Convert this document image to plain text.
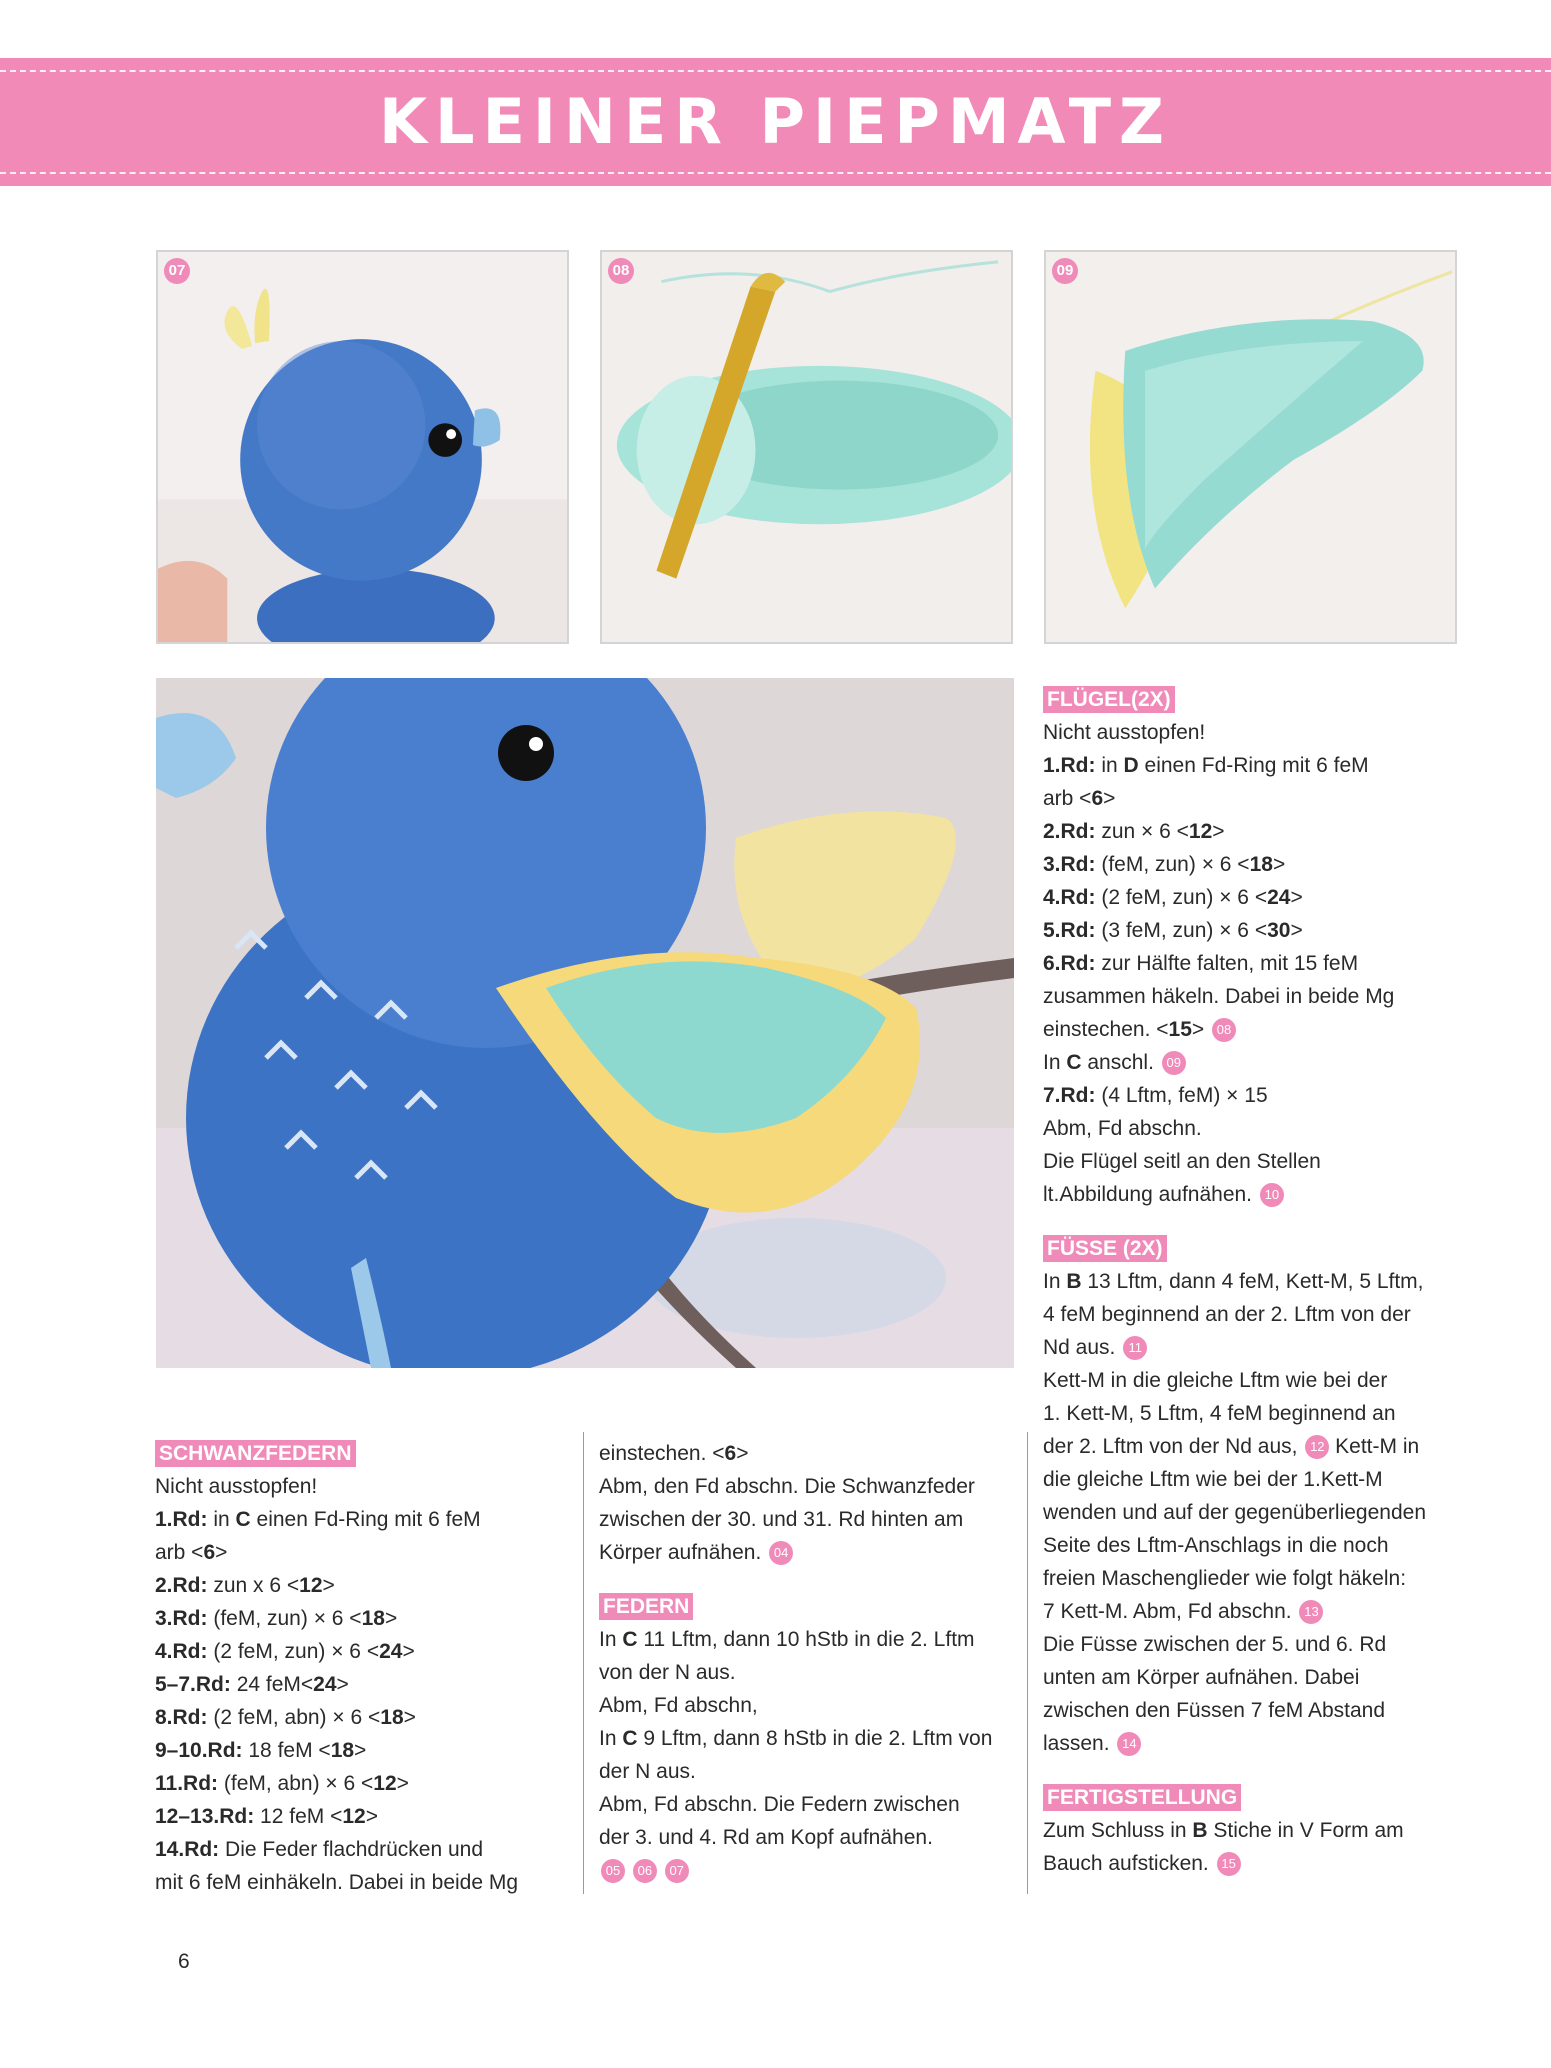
KLEINER PIEPMATZ
07	08	09
FLÜGEL(2X)

Nicht ausstopfen!

1.Rd: in D einen Fd-Ring mit 6 feM

arb <6>

2.Rd: zun × 6 <12>

3.Rd: (feM, zun) × 6 <18>

4.Rd: (2 feM, zun) × 6 <24>

5.Rd: (3 feM, zun) × 6 <30>

6.Rd: zur Hälfte falten, mit 15 feM

zusammen häkeln. Dabei in beide Mg

einstechen. <15> 08

In C anschl. 09

7.Rd: (4 Lftm, feM) × 15

Abm, Fd abschn.

Die Flügel seitl an den Stellen

lt.Abbildung aufnähen. 10

FÜSSE (2X)

In B 13 Lftm, dann 4 feM, Kett-M, 5 Lftm,

4 feM beginnend an der 2. Lftm von der

Nd aus. 11

Kett-M in die gleiche Lftm wie bei der

1. Kett-M, 5 Lftm, 4 feM beginnend an

der 2. Lftm von der Nd aus, 12 Kett-M in

die gleiche Lftm wie bei der 1.Kett-M

wenden und auf der gegenüberliegenden

Seite des Lftm-Anschlags in die noch

freien Maschenglieder wie folgt häkeln:

7 Kett-M. Abm, Fd abschn. 13

Die Füsse zwischen der 5. und 6. Rd

unten am Körper aufnähen. Dabei

zwischen den Füssen 7 feM Abstand

lassen. 14

FERTIGSTELLUNG

Zum Schluss in B Stiche in V Form am

Bauch aufsticken. 15

SCHWANZFEDERN

Nicht ausstopfen!

1.Rd: in C einen Fd-Ring mit 6 feM

arb <6>

2.Rd: zun x 6 <12>

3.Rd: (feM, zun) × 6 <18>

4.Rd: (2 feM, zun) × 6 <24>

5–7.Rd: 24 feM<24>

8.Rd: (2 feM, abn) × 6 <18>

9–10.Rd: 18 feM <18>

11.Rd: (feM, abn) × 6 <12>

12–13.Rd: 12 feM <12>

14.Rd: Die Feder flachdrücken und

mit 6 feM einhäkeln. Dabei in beide Mg

einstechen. <6>

Abm, den Fd abschn. Die Schwanzfeder

zwischen der 30. und 31. Rd hinten am

Körper aufnähen. 04

FEDERN

In C 11 Lftm, dann 10 hStb in die 2. Lftm

von der N aus.

Abm, Fd abschn,

In C 9 Lftm, dann 8 hStb in die 2. Lftm von

der N aus.

Abm, Fd abschn. Die Federn zwischen

der 3. und 4. Rd am Kopf aufnähen.

05 06 07

6
